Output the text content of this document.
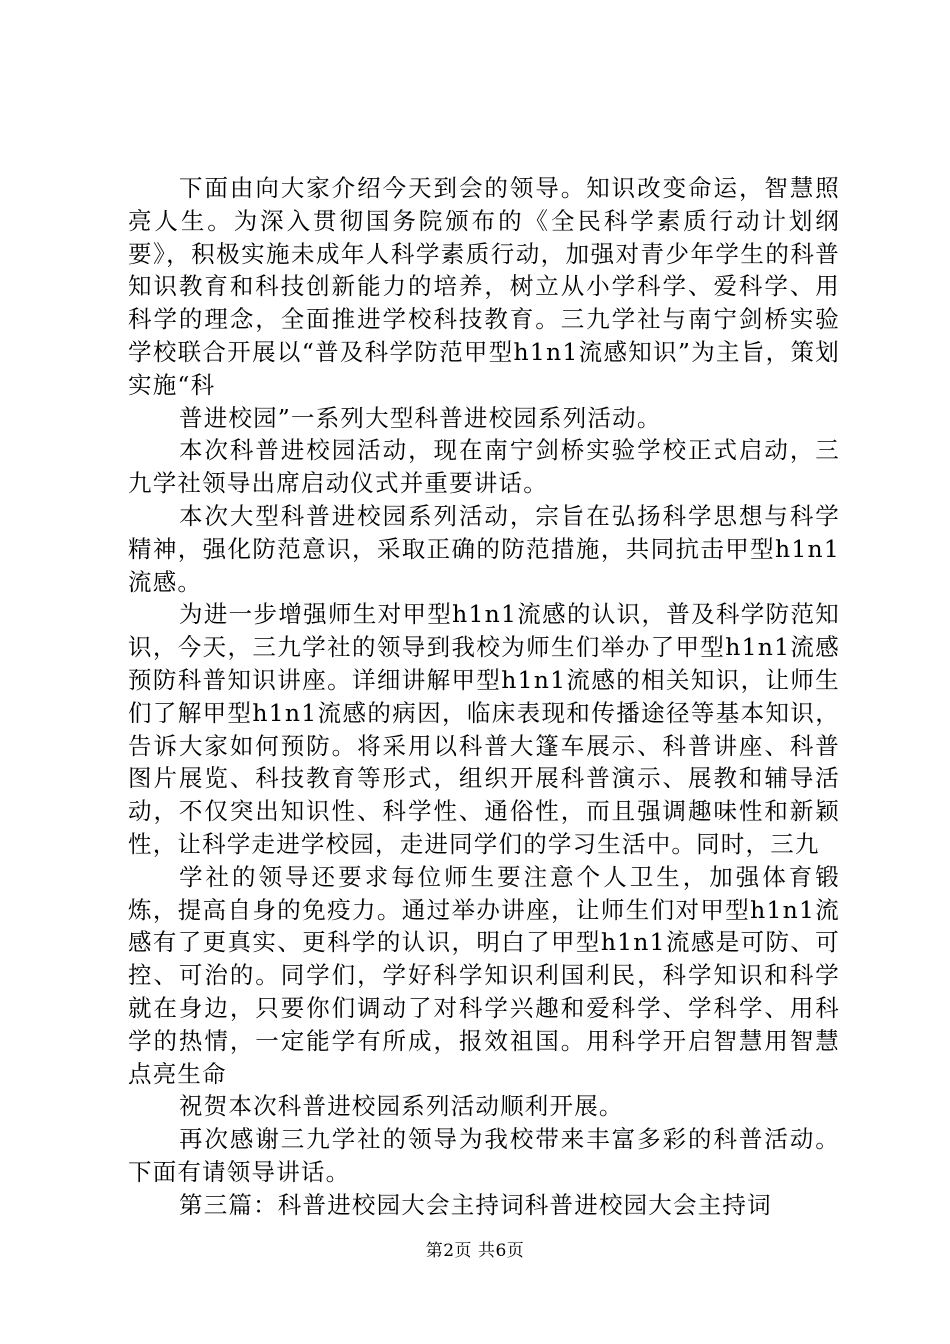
下面由向大家介绍今天到会的领导。知识改变命运，智慧照亮人生。为深入贯彻国务院颁布的《全民科学素质行动计划纲要》，积极实施未成年人科学素质行动，加强对青少年学生的科普知识教育和科技创新能力的培养，树立从小学科学、爱科学、用科学的理念，全面推进学校科技教育。三九学社与南宁剑桥实验学校联合开展以“普及科学防范甲型h1n1流感知识”为主旨，策划实施“科

普进校园”一系列大型科普进校园系列活动。

本次科普进校园活动，现在南宁剑桥实验学校正式启动，三九学社领导出席启动仪式并重要讲话。

本次大型科普进校园系列活动，宗旨在弘扬科学思想与科学精神，强化防范意识，采取正确的防范措施，共同抗击甲型h1n1流感。

为进一步增强师生对甲型h1n1流感的认识，普及科学防范知识，今天，三九学社的领导到我校为师生们举办了甲型h1n1流感预防科普知识讲座。详细讲解甲型h1n1流感的相关知识，让师生们了解甲型h1n1流感的病因，临床表现和传播途径等基本知识，告诉大家如何预防。将采用以科普大篷车展示、科普讲座、科普图片展览、科技教育等形式，组织开展科普演示、展教和辅导活动，不仅突出知识性、科学性、通俗性，而且强调趣味性和新颖性，让科学走进学校园，走进同学们的学习生活中。同时，三九

学社的领导还要求每位师生要注意个人卫生，加强体育锻炼，提高自身的免疫力。通过举办讲座，让师生们对甲型h1n1流感有了更真实、更科学的认识，明白了甲型h1n1流感是可防、可控、可治的。同学们，学好科学知识利国利民，科学知识和科学就在身边，只要你们调动了对科学兴趣和爱科学、学科学、用科学的热情，一定能学有所成，报效祖国。用科学开启智慧用智慧点亮生命

祝贺本次科普进校园系列活动顺利开展。

再次感谢三九学社的领导为我校带来丰富多彩的科普活动。下面有请领导讲话。

第三篇：科普进校园大会主持词科普进校园大会主持词

第2页 共6页
